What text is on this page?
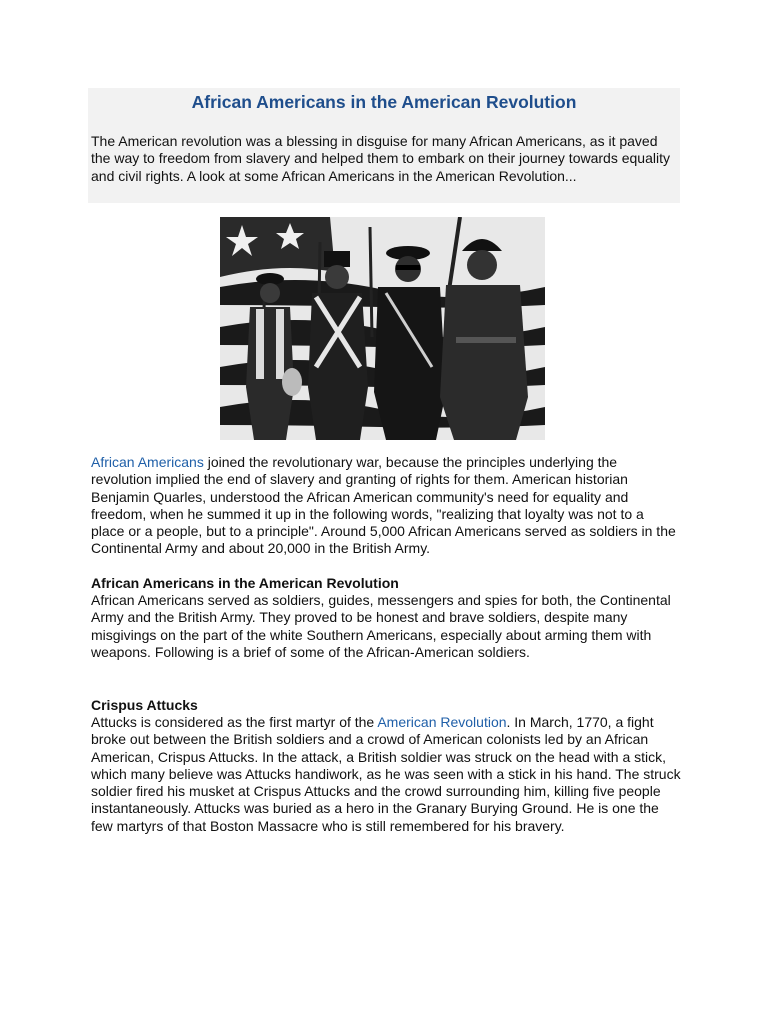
African Americans in the American Revolution

The American revolution was a blessing in disguise for many African Americans, as it paved the way to freedom from slavery and helped them to embark on their journey towards equality and civil rights. A look at some African Americans in the American Revolution...

African Americans joined the revolutionary war, because the principles underlying the revolution implied the end of slavery and granting of rights for them. American historian Benjamin Quarles, understood the African American community's need for equality and freedom, when he summed it up in the following words, "realizing that loyalty was not to a place or a people, but to a principle". Around 5,000 African Americans served as soldiers in the Continental Army and about 20,000 in the British Army.

African Americans in the American Revolution

African Americans served as soldiers, guides, messengers and spies for both, the Continental Army and the British Army. They proved to be honest and brave soldiers, despite many misgivings on the part of the white Southern Americans, especially about arming them with weapons. Following is a brief of some of the African-American soldiers.

Crispus Attucks

Attucks is considered as the first martyr of the American Revolution. In March, 1770, a fight broke out between the British soldiers and a crowd of American colonists led by an African American, Crispus Attucks. In the attack, a British soldier was struck on the head with a stick, which many believe was Attucks handiwork, as he was seen with a stick in his hand. The struck soldier fired his musket at Crispus Attucks and the crowd surrounding him, killing five people instantaneously. Attucks was buried as a hero in the Granary Burying Ground. He is one the few martyrs of that Boston Massacre who is still remembered for his bravery.
